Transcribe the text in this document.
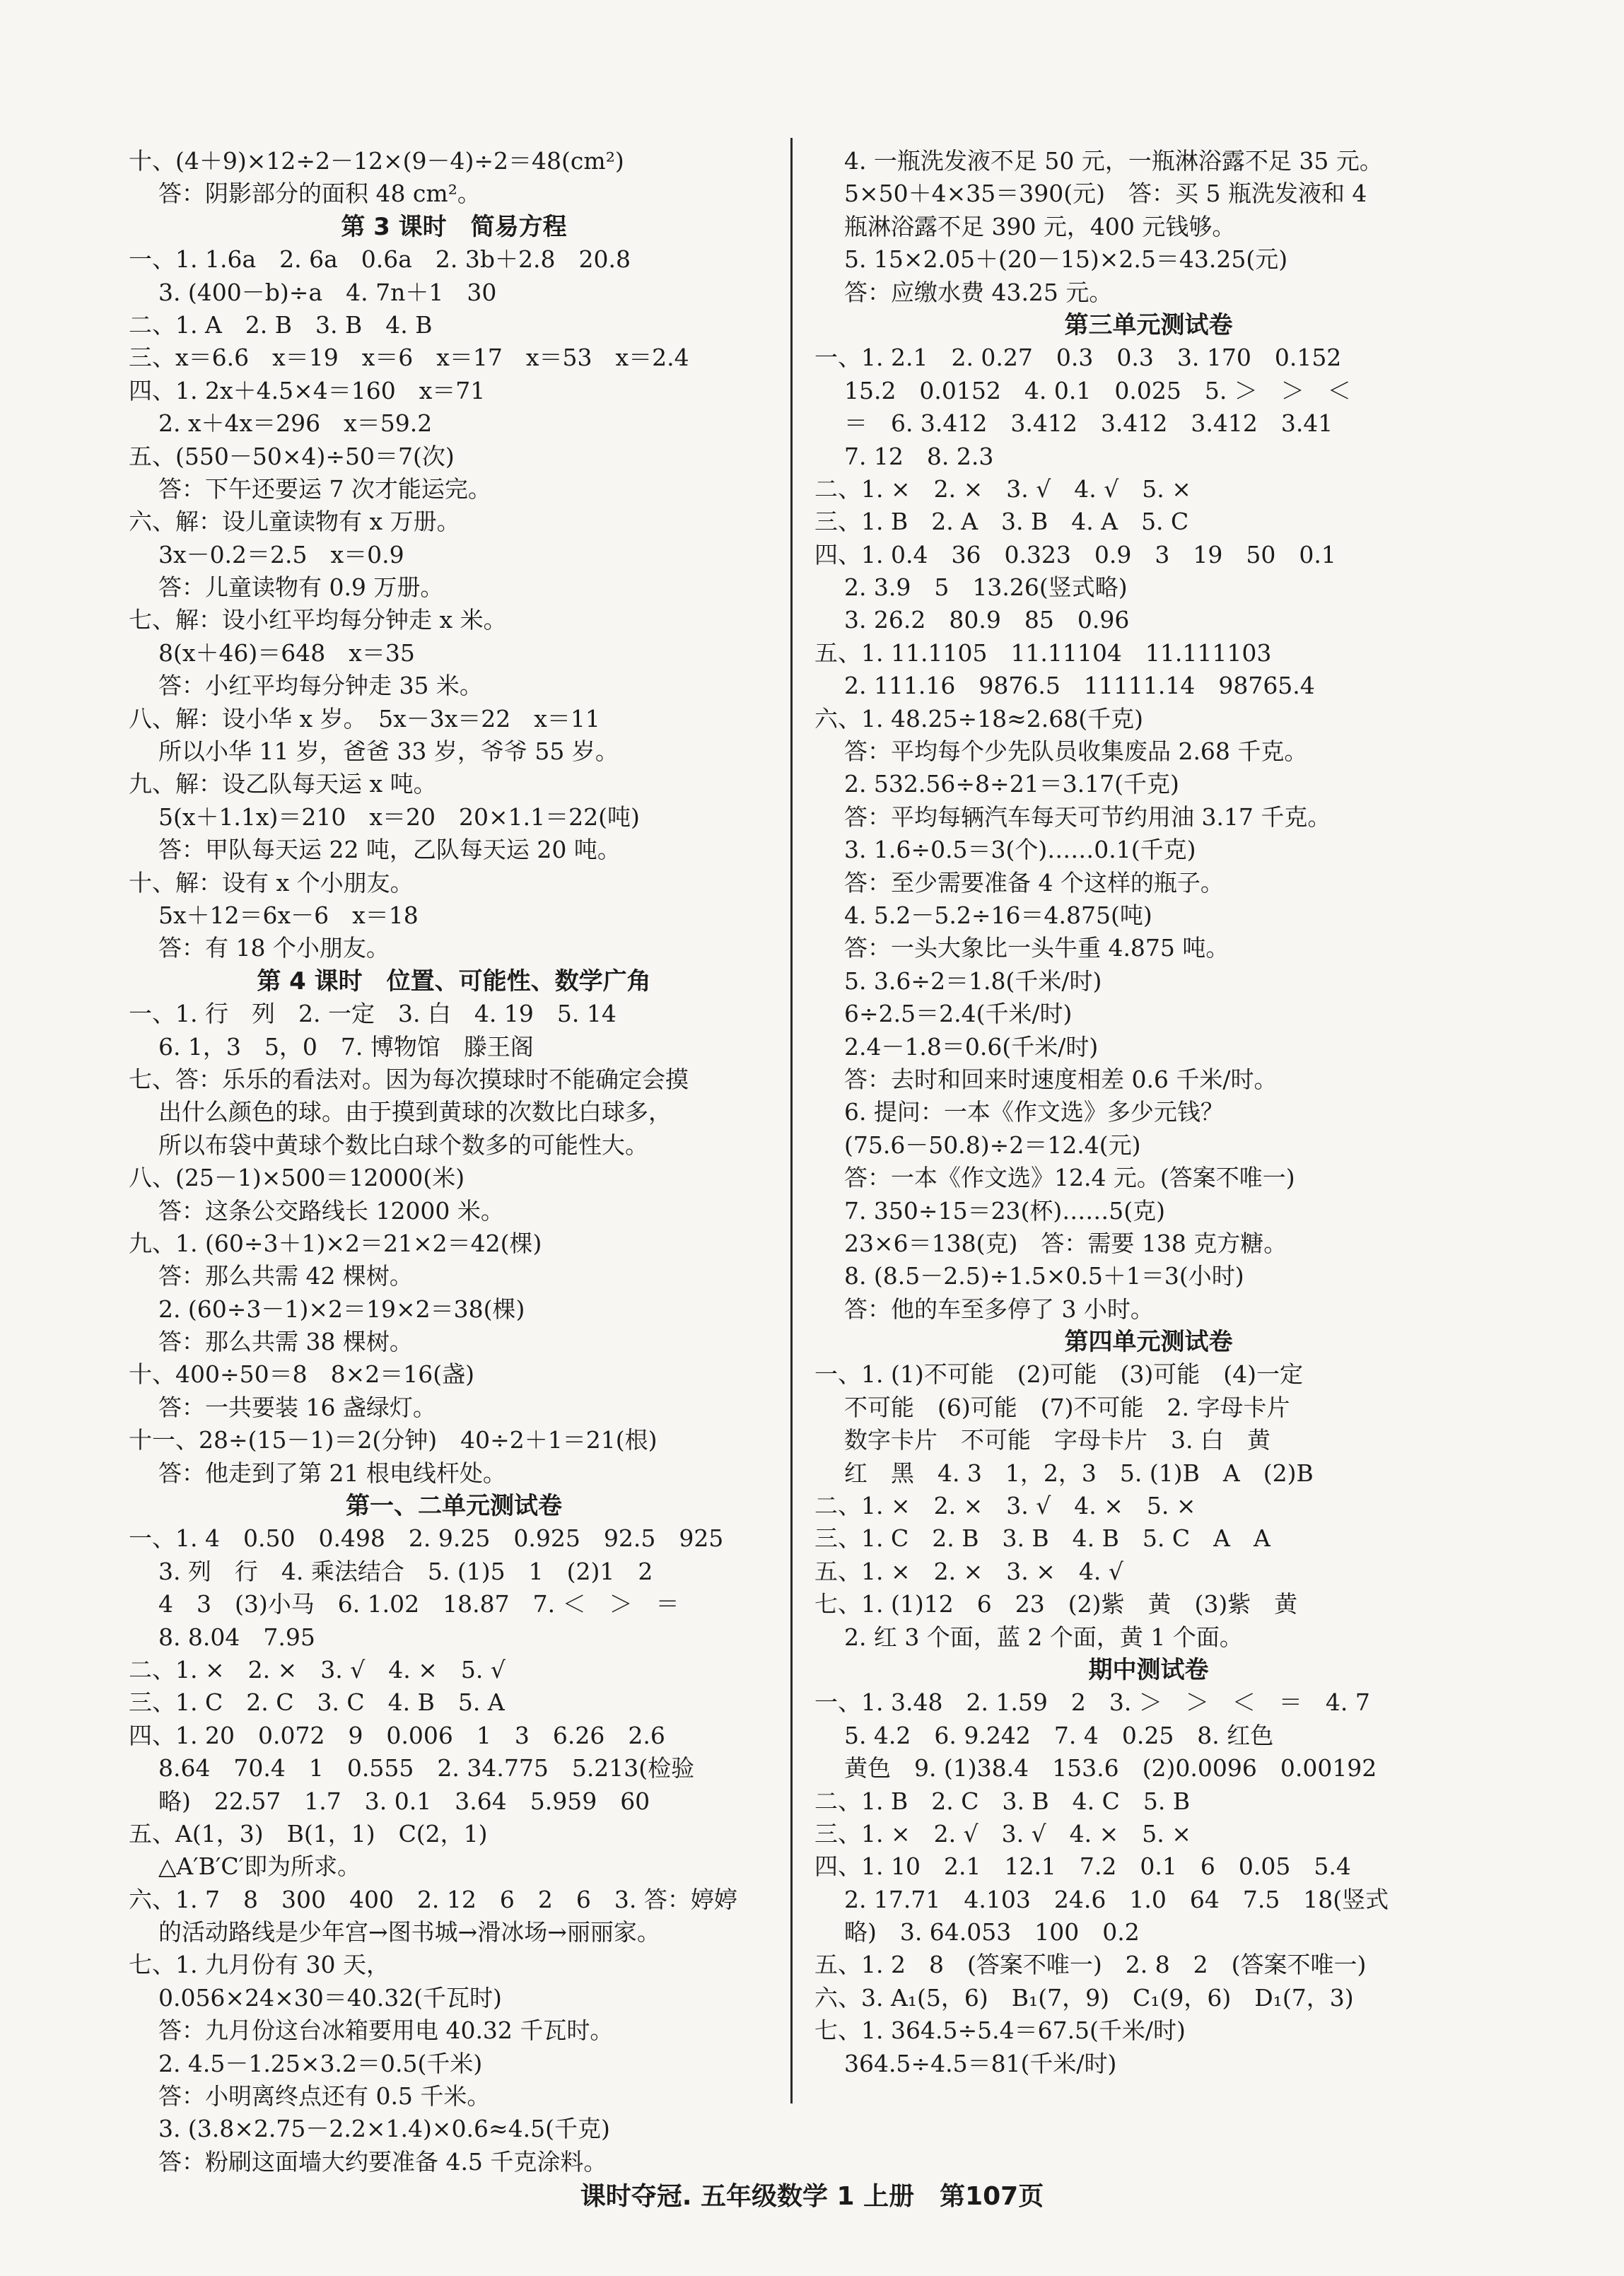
十、(4＋9)×12÷2－12×(9－4)÷2＝48(cm²)
答：阴影部分的面积 48 cm²。
第 3 课时　简易方程
一、1. 1.6a　2. 6a　0.6a　2. 3b＋2.8　20.8
3. (400－b)÷a　4. 7n＋1　30
二、1. A　2. B　3. B　4. B
三、x＝6.6　x＝19　x＝6　x＝17　x＝53　x＝2.4
四、1. 2x＋4.5×4＝160　x＝71
2. x＋4x＝296　x＝59.2
五、(550－50×4)÷50＝7(次)
答：下午还要运 7 次才能运完。
六、解：设儿童读物有 x 万册。
3x－0.2＝2.5　x＝0.9
答：儿童读物有 0.9 万册。
七、解：设小红平均每分钟走 x 米。
8(x＋46)＝648　x＝35
答：小红平均每分钟走 35 米。
八、解：设小华 x 岁。　5x－3x＝22　x＝11
所以小华 11 岁，爸爸 33 岁，爷爷 55 岁。
九、解：设乙队每天运 x 吨。
5(x＋1.1x)＝210　x＝20　20×1.1＝22(吨)
答：甲队每天运 22 吨，乙队每天运 20 吨。
十、解：设有 x 个小朋友。
5x＋12＝6x－6　x＝18
答：有 18 个小朋友。
第 4 课时　位置、可能性、数学广角
一、1. 行　列　2. 一定　3. 白　4. 19　5. 14
6. 1，3　5，0　7. 博物馆　滕王阁
七、答：乐乐的看法对。因为每次摸球时不能确定会摸
出什么颜色的球。由于摸到黄球的次数比白球多，
所以布袋中黄球个数比白球个数多的可能性大。
八、(25－1)×500＝12000(米)
答：这条公交路线长 12000 米。
九、1. (60÷3＋1)×2＝21×2＝42(棵)
答：那么共需 42 棵树。
2. (60÷3－1)×2＝19×2＝38(棵)
答：那么共需 38 棵树。
十、400÷50＝8　8×2＝16(盏)
答：一共要装 16 盏绿灯。
十一、28÷(15－1)＝2(分钟)　40÷2＋1＝21(根)
答：他走到了第 21 根电线杆处。
第一、二单元测试卷
一、1. 4　0.50　0.498　2. 9.25　0.925　92.5　925
3. 列　行　4. 乘法结合　5. (1)5　1　(2)1　2
4　3　(3)小马　6. 1.02　18.87　7. ＜　＞　＝
8. 8.04　7.95
二、1. ×　2. ×　3. √　4. ×　5. √
三、1. C　2. C　3. C　4. B　5. A
四、1. 20　0.072　9　0.006　1　3　6.26　2.6
8.64　70.4　1　0.555　2. 34.775　5.213(检验
略)　22.57　1.7　3. 0.1　3.64　5.959　60
五、A(1，3)　B(1，1)　C(2，1)
△A′B′C′即为所求。
六、1. 7　8　300　400　2. 12　6　2　6　3. 答：婷婷
的活动路线是少年宫→图书城→滑冰场→丽丽家。
七、1. 九月份有 30 天，
0.056×24×30＝40.32(千瓦时)
答：九月份这台冰箱要用电 40.32 千瓦时。
2. 4.5－1.25×3.2＝0.5(千米)
答：小明离终点还有 0.5 千米。
3. (3.8×2.75－2.2×1.4)×0.6≈4.5(千克)
答：粉刷这面墙大约要准备 4.5 千克涂料。
4. 一瓶洗发液不足 50 元，一瓶淋浴露不足 35 元。
5×50＋4×35＝390(元)　答：买 5 瓶洗发液和 4
瓶淋浴露不足 390 元，400 元钱够。
5. 15×2.05＋(20－15)×2.5＝43.25(元)
答：应缴水费 43.25 元。
第三单元测试卷
一、1. 2.1　2. 0.27　0.3　0.3　3. 170　0.152
15.2　0.0152　4. 0.1　0.025　5. ＞　＞　＜
＝　6. 3.412　3.412　3.412　3.412　3.41
7. 12　8. 2.3
二、1. ×　2. ×　3. √　4. √　5. ×
三、1. B　2. A　3. B　4. A　5. C
四、1. 0.4　36　0.323　0.9　3　19　50　0.1
2. 3.9　5　13.26(竖式略)
3. 26.2　80.9　85　0.96
五、1. 11.1105　11.11104　11.111103
2. 111.16　9876.5　11111.14　98765.4
六、1. 48.25÷18≈2.68(千克)
答：平均每个少先队员收集废品 2.68 千克。
2. 532.56÷8÷21＝3.17(千克)
答：平均每辆汽车每天可节约用油 3.17 千克。
3. 1.6÷0.5＝3(个)……0.1(千克)
答：至少需要准备 4 个这样的瓶子。
4. 5.2－5.2÷16＝4.875(吨)
答：一头大象比一头牛重 4.875 吨。
5. 3.6÷2＝1.8(千米/时)
6÷2.5＝2.4(千米/时)
2.4－1.8＝0.6(千米/时)
答：去时和回来时速度相差 0.6 千米/时。
6. 提问：一本《作文选》多少元钱？
(75.6－50.8)÷2＝12.4(元)
答：一本《作文选》12.4 元。(答案不唯一)
7. 350÷15＝23(杯)……5(克)
23×6＝138(克)　答：需要 138 克方糖。
8. (8.5－2.5)÷1.5×0.5＋1＝3(小时)
答：他的车至多停了 3 小时。
第四单元测试卷
一、1. (1)不可能　(2)可能　(3)可能　(4)一定
不可能　(6)可能　(7)不可能　2. 字母卡片
数字卡片　不可能　字母卡片　3. 白　黄
红　黑　4. 3　1，2，3　5. (1)B　A　(2)B
二、1. ×　2. ×　3. √　4. ×　5. ×
三、1. C　2. B　3. B　4. B　5. C　A　A
五、1. ×　2. ×　3. ×　4. √
七、1. (1)12　6　23　(2)紫　黄　(3)紫　黄
2. 红 3 个面，蓝 2 个面，黄 1 个面。
期中测试卷
一、1. 3.48　2. 1.59　2　3. ＞　＞　＜　＝　4. 7
5. 4.2　6. 9.242　7. 4　0.25　8. 红色
黄色　9. (1)38.4　153.6　(2)0.0096　0.00192
二、1. B　2. C　3. B　4. C　5. B
三、1. ×　2. √　3. √　4. ×　5. ×
四、1. 10　2.1　12.1　7.2　0.1　6　0.05　5.4
2. 17.71　4.103　24.6　1.0　64　7.5　18(竖式
略)　3. 64.053　100　0.2
五、1. 2　8　(答案不唯一)　2. 8　2　(答案不唯一)
六、3. A₁(5，6)　B₁(7，9)　C₁(9，6)　D₁(7，3)
七、1. 364.5÷5.4＝67.5(千米/时)
364.5÷4.5＝81(千米/时)
课时夺冠. 五年级数学 1 上册　第107页
